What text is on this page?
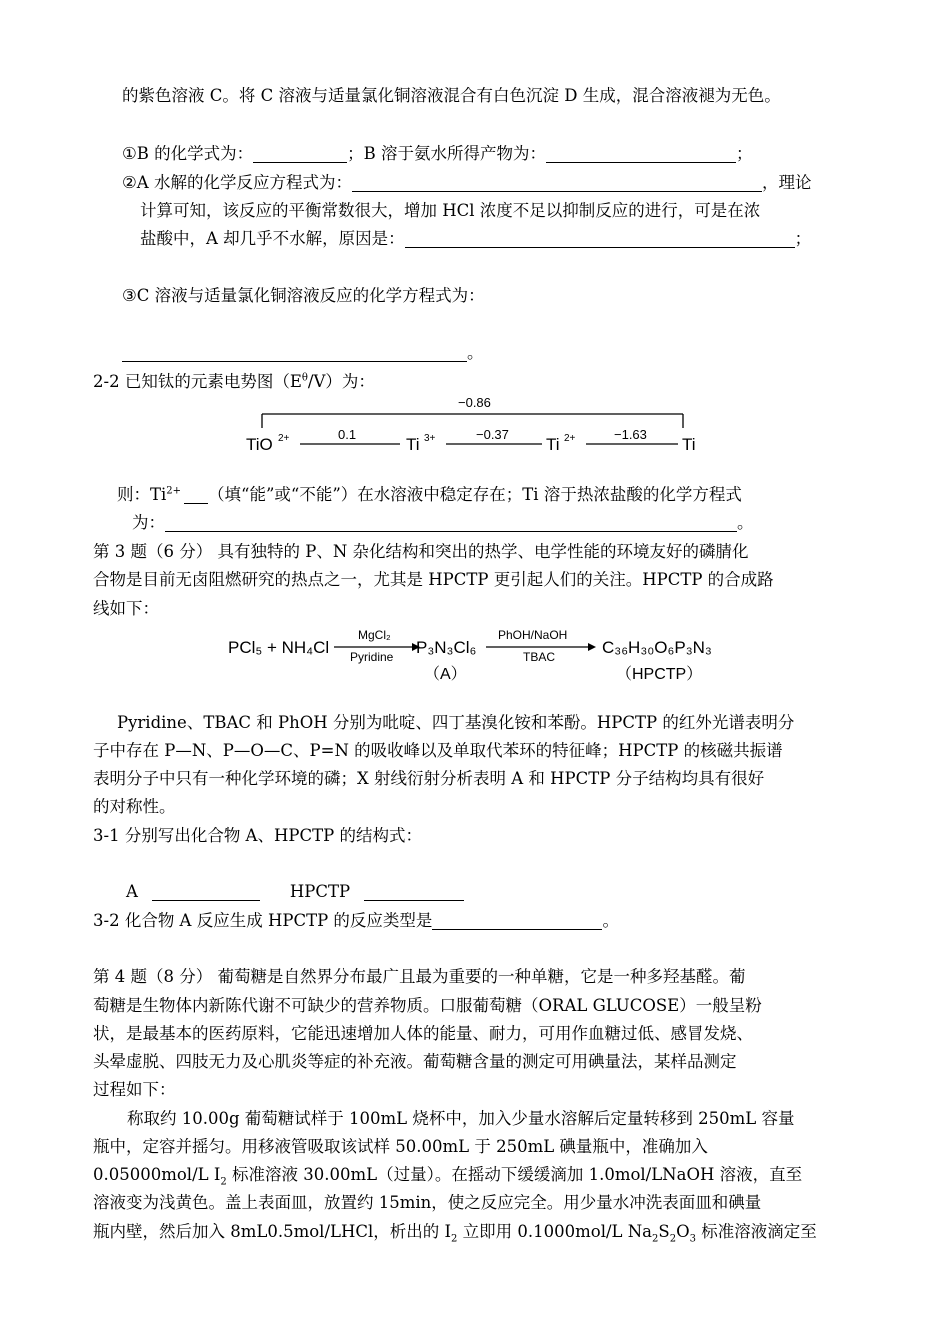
的紫色溶液 C。将 C 溶液与适量氯化铜溶液混合有白色沉淀 D 生成，混合溶液褪为无色。
①B 的化学式为：	；B 溶于氨水所得产物为：	；
②A 水解的化学反应方程式为：	，理论
计算可知，该反应的平衡常数很大，增加 HCl 浓度不足以抑制反应的进行，可是在浓
盐酸中，A 却几乎不水解，原因是：	；
③C 溶液与适量氯化铜溶液反应的化学方程式为：
。
2-2 已知钛的元素电势图$(E^\theta/V)$为：
−0.86
TiO 2+	0.1
Ti 3+	−0.37
Ti 2+	−1.63
Ti
则：$Ti^{2+}$ （填“能”或“不能”）在水溶液中稳定存在；Ti 溶于热浓盐酸的化学方程式
为：	。
第 3 题（6 分） 具有独特的 P、N 杂化结构和突出的热学、电学性能的环境友好的磷腈化
合物是目前无卤阻燃研究的热点之一，尤其是 HPCTP 更引起人们的关注。HPCTP 的合成路
线如下：
PCl₅ + NH₄Cl
MgCl₂
Pyridine P₃N₃Cl₆
（A）
PhOH/NaOH
TBAC	C₃₆H₃₀O₆P₃N₃
（HPCTP）
Pyridine、TBAC 和 PhOH 分别为吡啶、四丁基溴化铵和苯酚。HPCTP 的红外光谱表明分
子中存在 P—N、P—O—C、P=N 的吸收峰以及单取代苯环的特征峰；HPCTP 的核磁共振谱
表明分子中只有一种化学环境的磷；X 射线衍射分析表明 A 和 HPCTP 分子结构均具有很好
的对称性。
3-1 分别写出化合物 A、HPCTP 的结构式：
A	HPCTP
3-2 化合物 A 反应生成 HPCTP 的反应类型是	。
第 4 题（8 分） 葡萄糖是自然界分布最广且最为重要的一种单糖，它是一种多羟基醛。葡
萄糖是生物体内新陈代谢不可缺少的营养物质。口服葡萄糖（ORAL GLUCOSE）一般呈粉
状，是最基本的医药原料，它能迅速增加人体的能量、耐力，可用作血糖过低、感冒发烧、
头晕虚脱、四肢无力及心肌炎等症的补充液。葡萄糖含量的测定可用碘量法，某样品测定
过程如下：
称取约 10.00g 葡萄糖试样于 100mL 烧杯中，加入少量水溶解后定量转移到 250mL 容量
瓶中，定容并摇匀。用移液管吸取该试样 50.00mL 于 250mL 碘量瓶中，准确加入
0.05000mol/L $I_2$ 标准溶液 30.00mL（过量）。在摇动下缓缓滴加 1.0mol/LNaOH 溶液，直至
溶液变为浅黄色。盖上表面皿，放置约 15min，使之反应完全。用少量水冲洗表面皿和碘量
瓶内壁，然后加入 8mL0.5mol/LHCl，析出的 $I_2$ 立即用 0.1000mol/L $Na_2S_2O_3$ 标准溶液滴定至
